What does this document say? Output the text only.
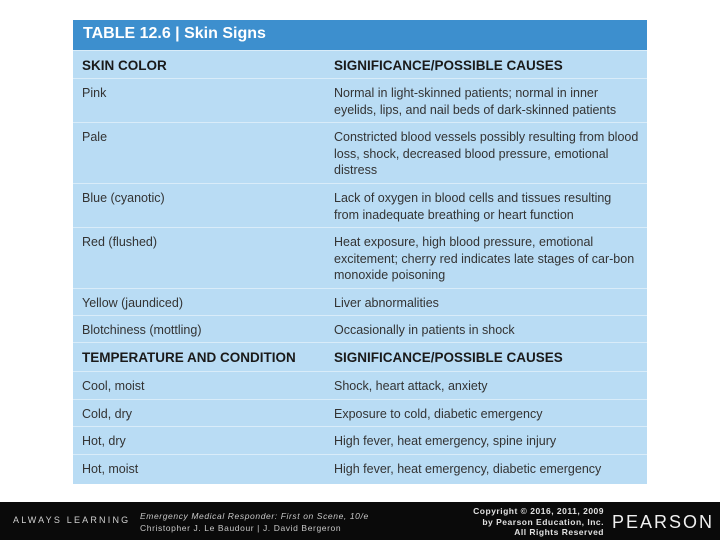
TABLE 12.6 | Skin Signs
SKIN COLOR	SIGNIFICANCE/POSSIBLE CAUSES
Pink	Normal in light-skinned patients; normal in inner eyelids, lips, and nail beds of dark-skinned patients
Pale	Constricted blood vessels possibly resulting from blood loss, shock, decreased blood pressure, emotional distress
Blue (cyanotic)	Lack of oxygen in blood cells and tissues resulting from inadequate breathing or heart function
Red (flushed)	Heat exposure, high blood pressure, emotional excitement; cherry red indicates late stages of car-bon monoxide poisoning
Yellow (jaundiced)	Liver abnormalities
Blotchiness (mottling)	Occasionally in patients in shock
TEMPERATURE AND CONDITION	SIGNIFICANCE/POSSIBLE CAUSES
Cool, moist	Shock, heart attack, anxiety
Cold, dry	Exposure to cold, diabetic emergency
Hot, dry	High fever, heat emergency, spine injury
Hot, moist	High fever, heat emergency, diabetic emergency
ALWAYS LEARNING Emergency Medical Responder: First on Scene, 10/e
Christopher J. Le Baudour | J. David Bergeron
Copyright © 2016, 2011, 2009
by Pearson Education, Inc.
All Rights Reserved PEARSON
